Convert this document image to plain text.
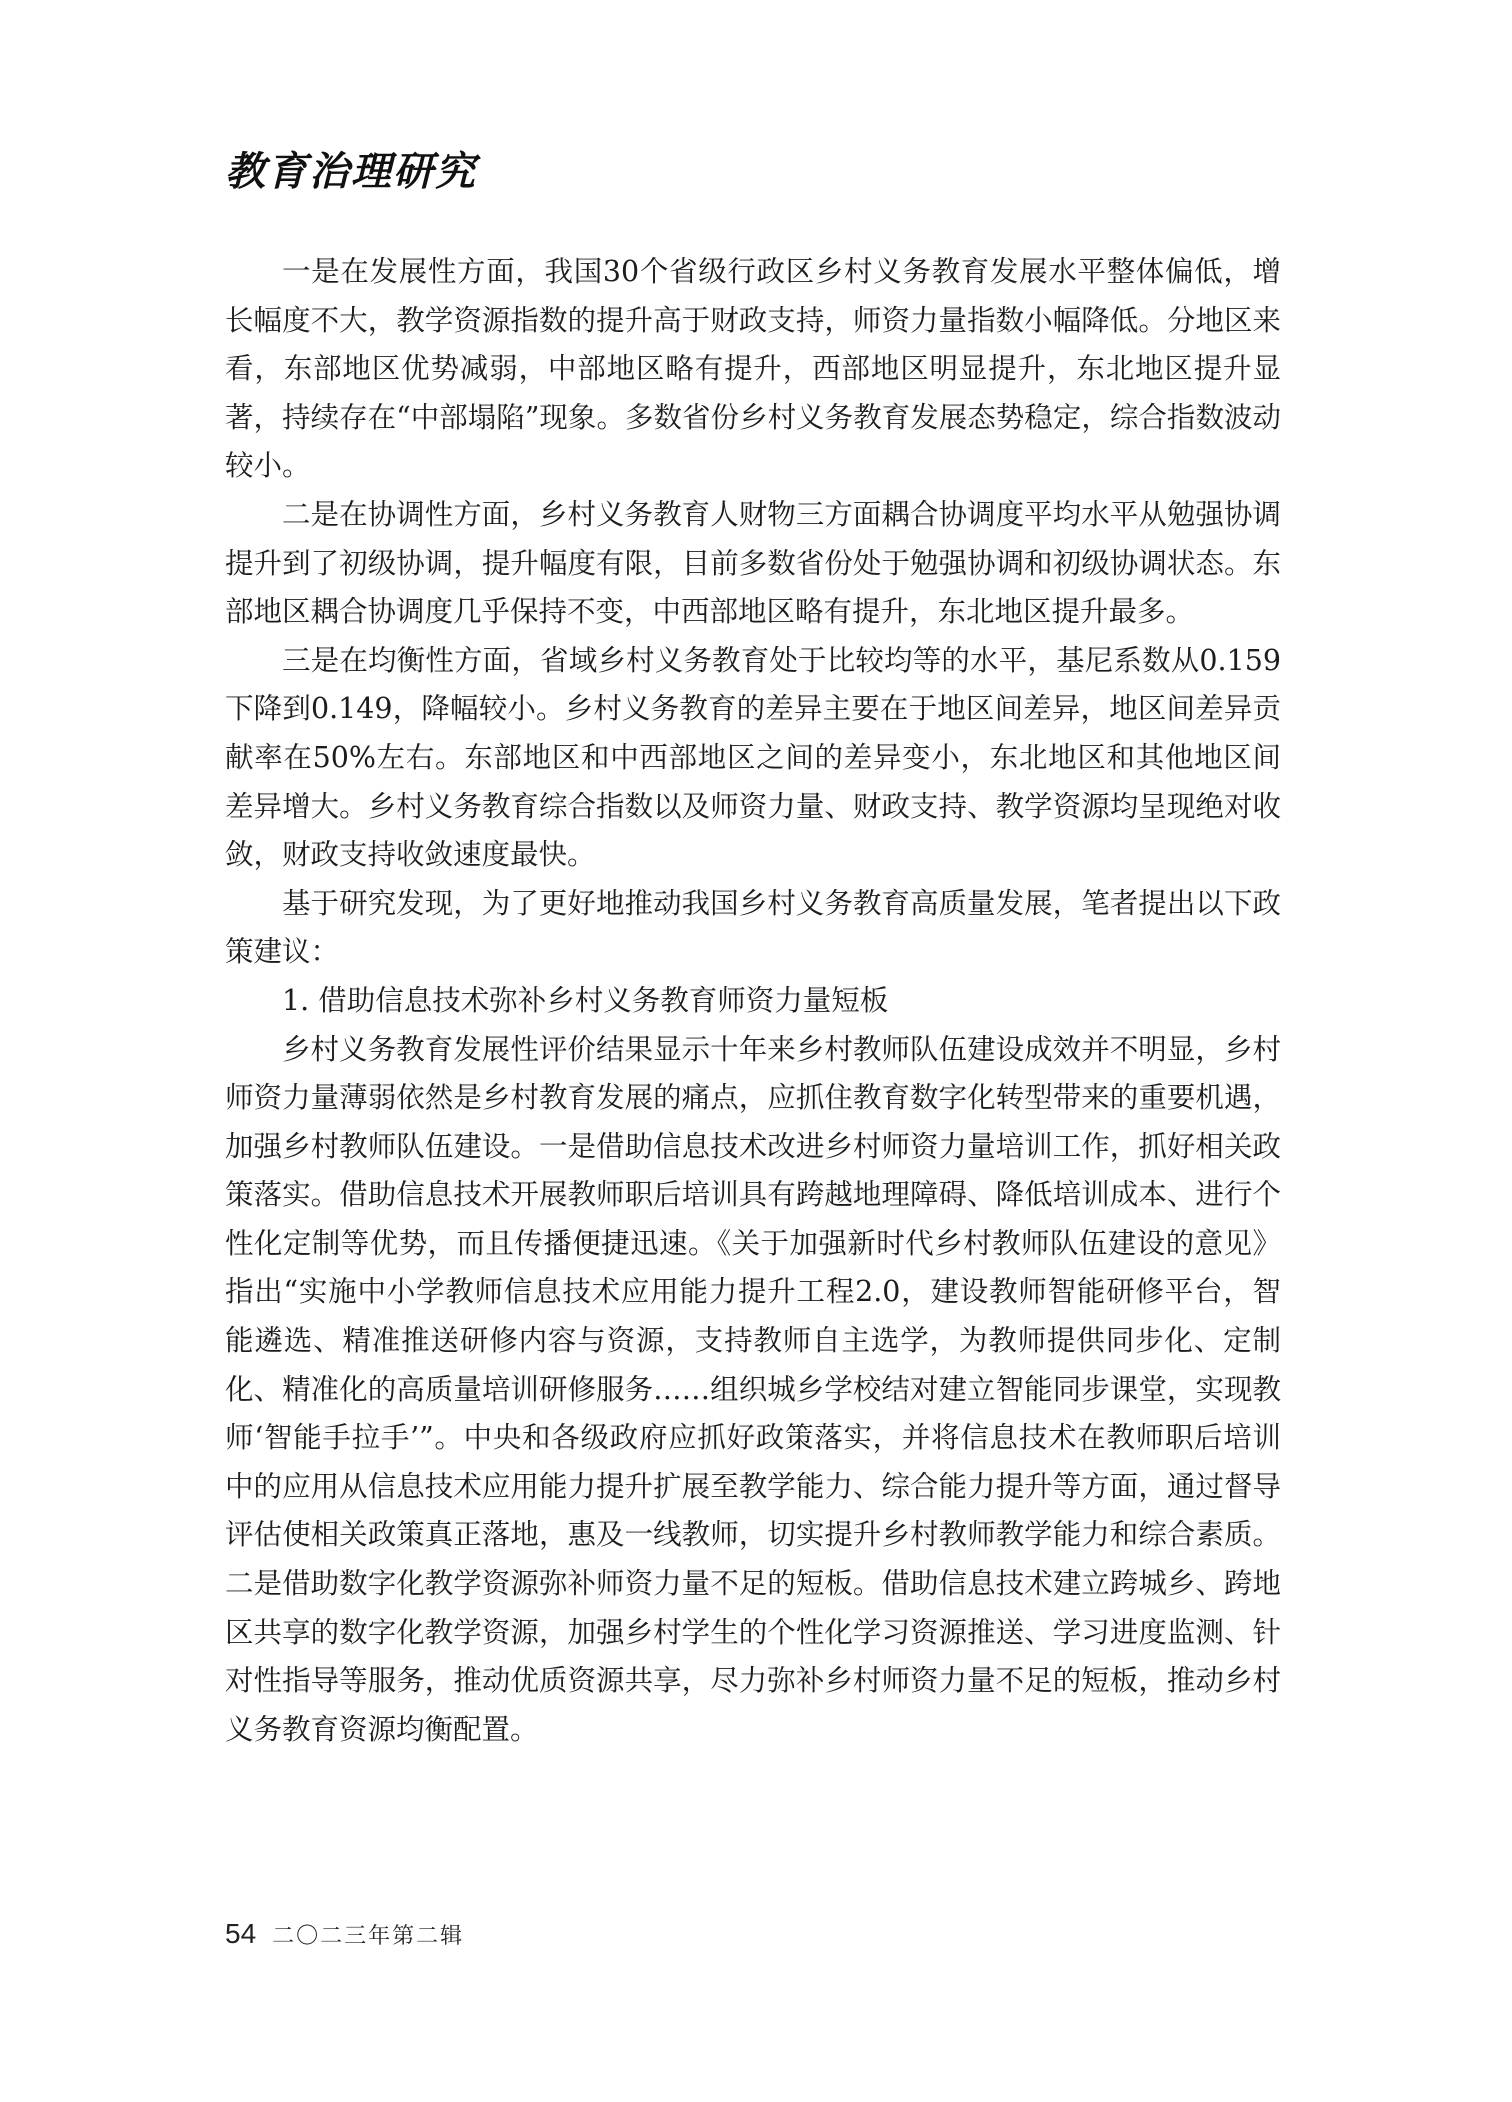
教育治理研究

一是在发展性方面，我国30个省级行政区乡村义务教育发展水平整体偏低，增长幅度不大，教学资源指数的提升高于财政支持，师资力量指数小幅降低。分地区来看，东部地区优势减弱，中部地区略有提升，西部地区明显提升，东北地区提升显著，持续存在“中部塌陷”现象。多数省份乡村义务教育发展态势稳定，综合指数波动较小。

二是在协调性方面，乡村义务教育人财物三方面耦合协调度平均水平从勉强协调提升到了初级协调，提升幅度有限，目前多数省份处于勉强协调和初级协调状态。东部地区耦合协调度几乎保持不变，中西部地区略有提升，东北地区提升最多。

三是在均衡性方面，省域乡村义务教育处于比较均等的水平，基尼系数从0.159下降到0.149，降幅较小。乡村义务教育的差异主要在于地区间差异，地区间差异贡献率在50%左右。东部地区和中西部地区之间的差异变小，东北地区和其他地区间差异增大。乡村义务教育综合指数以及师资力量、财政支持、教学资源均呈现绝对收敛，财政支持收敛速度最快。

基于研究发现，为了更好地推动我国乡村义务教育高质量发展，笔者提出以下政策建议：

1. 借助信息技术弥补乡村义务教育师资力量短板

乡村义务教育发展性评价结果显示十年来乡村教师队伍建设成效并不明显，乡村师资力量薄弱依然是乡村教育发展的痛点，应抓住教育数字化转型带来的重要机遇，加强乡村教师队伍建设。一是借助信息技术改进乡村师资力量培训工作，抓好相关政策落实。借助信息技术开展教师职后培训具有跨越地理障碍、降低培训成本、进行个性化定制等优势，而且传播便捷迅速。《关于加强新时代乡村教师队伍建设的意见》指出“实施中小学教师信息技术应用能力提升工程2.0，建设教师智能研修平台，智能遴选、精准推送研修内容与资源，支持教师自主选学，为教师提供同步化、定制化、精准化的高质量培训研修服务……组织城乡学校结对建立智能同步课堂，实现教师‘智能手拉手’”。中央和各级政府应抓好政策落实，并将信息技术在教师职后培训中的应用从信息技术应用能力提升扩展至教学能力、综合能力提升等方面，通过督导评估使相关政策真正落地，惠及一线教师，切实提升乡村教师教学能力和综合素质。二是借助数字化教学资源弥补师资力量不足的短板。借助信息技术建立跨城乡、跨地区共享的数字化教学资源，加强乡村学生的个性化学习资源推送、学习进度监测、针对性指导等服务，推动优质资源共享，尽力弥补乡村师资力量不足的短板，推动乡村义务教育资源均衡配置。

54 二〇二三年第二辑
